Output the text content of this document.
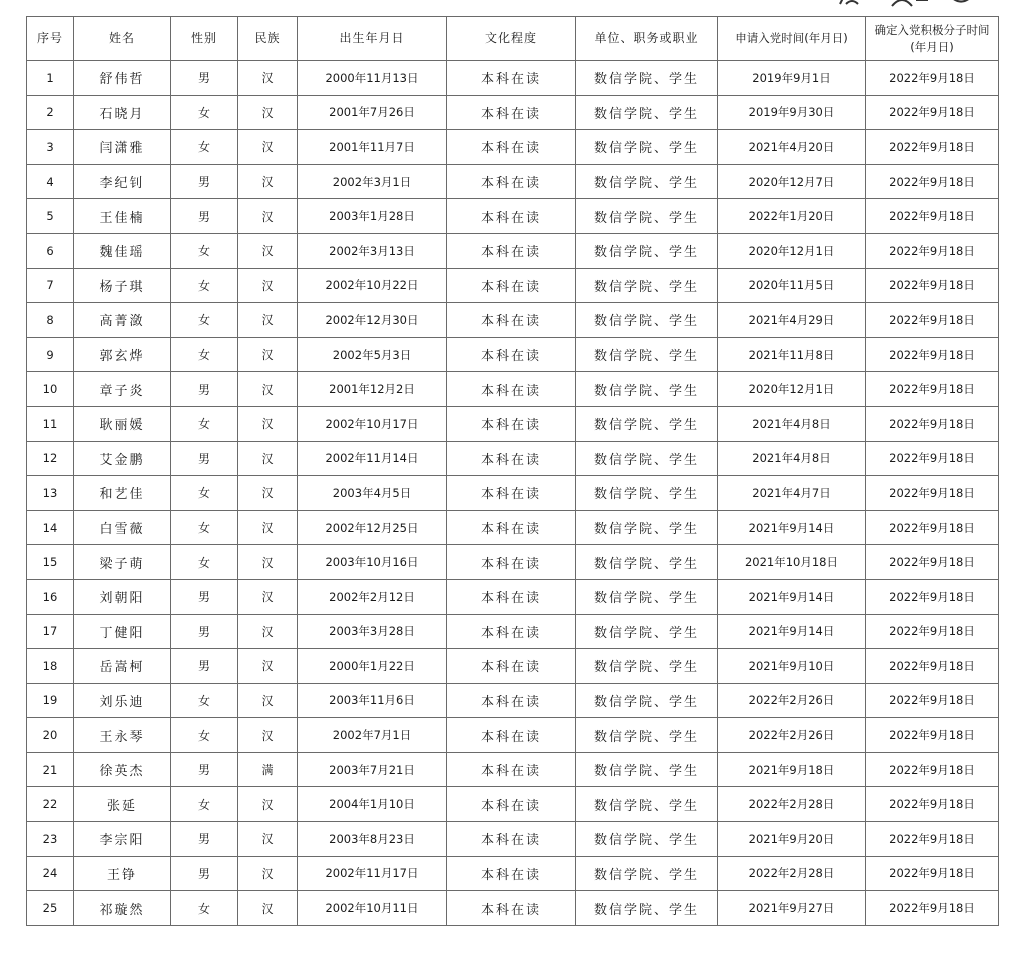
序号	姓名	性别	民族	出生年月日	文化程度	单位、职务或职业	申请入党时间(年月日)	确定入党积极分子时间
(年月日)

1	舒伟哲	男	汉	2000年11月13日	本科在读	数信学院、学生	2019年9月1日	2022年9月18日
2	石晓月	女	汉	2001年7月26日	本科在读	数信学院、学生	2019年9月30日	2022年9月18日
3	闫潇雅	女	汉	2001年11月7日	本科在读	数信学院、学生	2021年4月20日	2022年9月18日
4	李纪钊	男	汉	2002年3月1日	本科在读	数信学院、学生	2020年12月7日	2022年9月18日
5	王佳楠	男	汉	2003年1月28日	本科在读	数信学院、学生	2022年1月20日	2022年9月18日
6	魏佳瑶	女	汉	2002年3月13日	本科在读	数信学院、学生	2020年12月1日	2022年9月18日
7	杨子琪	女	汉	2002年10月22日	本科在读	数信学院、学生	2020年11月5日	2022年9月18日
8	高菁潋	女	汉	2002年12月30日	本科在读	数信学院、学生	2021年4月29日	2022年9月18日
9	郭玄烨	女	汉	2002年5月3日	本科在读	数信学院、学生	2021年11月8日	2022年9月18日
10	章子炎	男	汉	2001年12月2日	本科在读	数信学院、学生	2020年12月1日	2022年9月18日
11	耿丽媛	女	汉	2002年10月17日	本科在读	数信学院、学生	2021年4月8日	2022年9月18日
12	艾金鹏	男	汉	2002年11月14日	本科在读	数信学院、学生	2021年4月8日	2022年9月18日
13	和艺佳	女	汉	2003年4月5日	本科在读	数信学院、学生	2021年4月7日	2022年9月18日
14	白雪薇	女	汉	2002年12月25日	本科在读	数信学院、学生	2021年9月14日	2022年9月18日
15	梁子萌	女	汉	2003年10月16日	本科在读	数信学院、学生	2021年10月18日	2022年9月18日
16	刘朝阳	男	汉	2002年2月12日	本科在读	数信学院、学生	2021年9月14日	2022年9月18日
17	丁健阳	男	汉	2003年3月28日	本科在读	数信学院、学生	2021年9月14日	2022年9月18日
18	岳嵩柯	男	汉	2000年1月22日	本科在读	数信学院、学生	2021年9月10日	2022年9月18日
19	刘乐迪	女	汉	2003年11月6日	本科在读	数信学院、学生	2022年2月26日	2022年9月18日
20	王永琴	女	汉	2002年7月1日	本科在读	数信学院、学生	2022年2月26日	2022年9月18日
21	徐英杰	男	满	2003年7月21日	本科在读	数信学院、学生	2021年9月18日	2022年9月18日
22	张延	女	汉	2004年1月10日	本科在读	数信学院、学生	2022年2月28日	2022年9月18日
23	李宗阳	男	汉	2003年8月23日	本科在读	数信学院、学生	2021年9月20日	2022年9月18日
24	王铮	男	汉	2002年11月17日	本科在读	数信学院、学生	2022年2月28日	2022年9月18日
25	祁璇然	女	汉	2002年10月11日	本科在读	数信学院、学生	2021年9月27日	2022年9月18日
